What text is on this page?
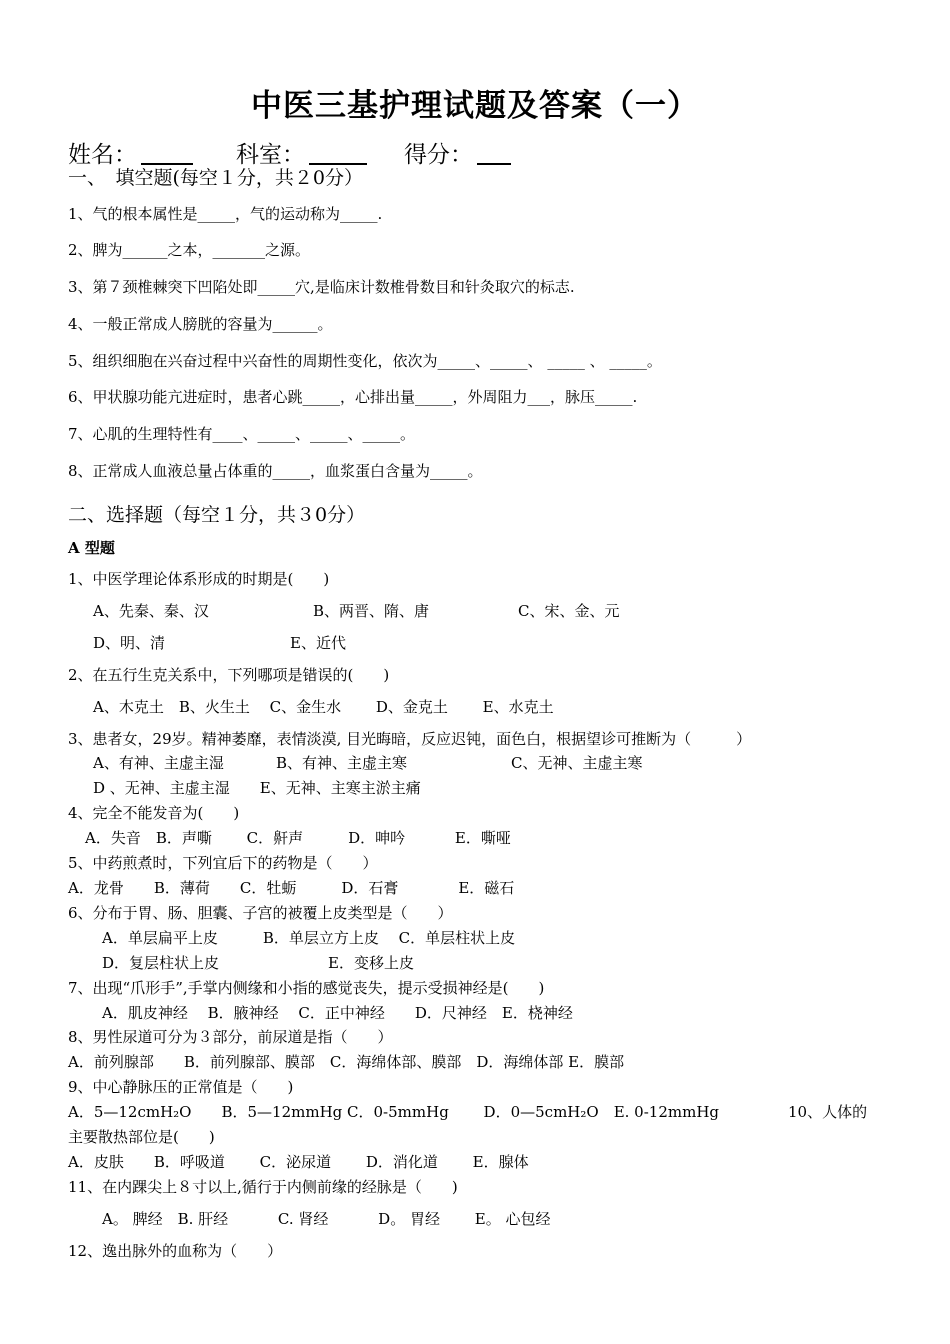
中医三基护理试题及答案（一）
姓名：	科室：	得分：
一、　填空题(每空１分，共２0分）
1、气的根本属性是_____，气的运动称为_____.
2、脾为______之本，_______之源。
3、第７颈椎棘突下凹陷处即_____穴,是临床计数椎骨数目和针灸取穴的标志.
4、一般正常成人膀胱的容量为______。
5、组织细胞在兴奋过程中兴奋性的周期性变化，依次为_____、_____、 _____ 、 _____。
6、甲状腺功能亢进症时，患者心跳_____，心排出量_____，外周阻力___，脉压_____.
7、心肌的生理特性有____、_____、_____、_____。
8、正常成人血液总量占体重的_____，血浆蛋白含量为_____。
二、选择题（每空１分，共３0分）
A 型题
1、中医学理论体系形成的时期是(　　)
A、先秦、秦、汉	B、两晋、隋、唐	C、宋、金、元
D、明、清	E、近代
2、在五行生克关系中，下列哪项是错误的(　　)
A、木克土　B、火生土　 C、金生水　　 D、金克土　　 E、水克土
3、患者女，29岁。精神萎靡，表情淡漠, 目光晦暗，反应迟钝，面色白，根据望诊可推断为（　　　）
A、有神、主虚主湿	B、有神、主虚主寒	C、无神、主虚主寒
D 、无神、主虚主湿　　E、无神、主寒主淤主痛
4、完全不能发音为(　　)
A．失音　B．声嘶　　 C．鼾声　　　D．呻吟　　　 E．嘶哑
5、中药煎煮时，下列宜后下的药物是（　　）
A．龙骨　　B．薄荷　　C．牡蛎　　　D．石膏　　　　E．磁石
6、分布于胃、肠、胆囊、子宫的被覆上皮类型是（　　）
A．单层扁平上皮　　　B．单层立方上皮　 C．单层柱状上皮
D．复层柱状上皮	E．变移上皮
7、出现“爪形手”,手掌内侧缘和小指的感觉丧失，提示受损神经是(　　)
A．肌皮神经　 B．腋神经　 C．正中神经　　D．尺神经　E．桡神经
8、男性尿道可分为３部分，前尿道是指（　　）
A．前列腺部　　B．前列腺部、膜部　C．海绵体部、膜部　D．海绵体部 E．膜部
9、中心静脉压的正常值是（　　)
A．5—12cmH₂O　　B．5—12mmHg C．0-5mmHg　　 D．0—5cmH₂O　E. 0-12mmHg	10、人体的
主要散热部位是(　　)
A．皮肤　　B．呼吸道　　 C．泌尿道　　 D．消化道　　 E．腺体
11、在内踝尖上８寸以上,循行于内侧前缘的经脉是（　　)
A。 脾经　B. 肝经　　　 C. 肾经　　　 D。 胃经　　 E。 心包经
12、逸出脉外的血称为（　　）
